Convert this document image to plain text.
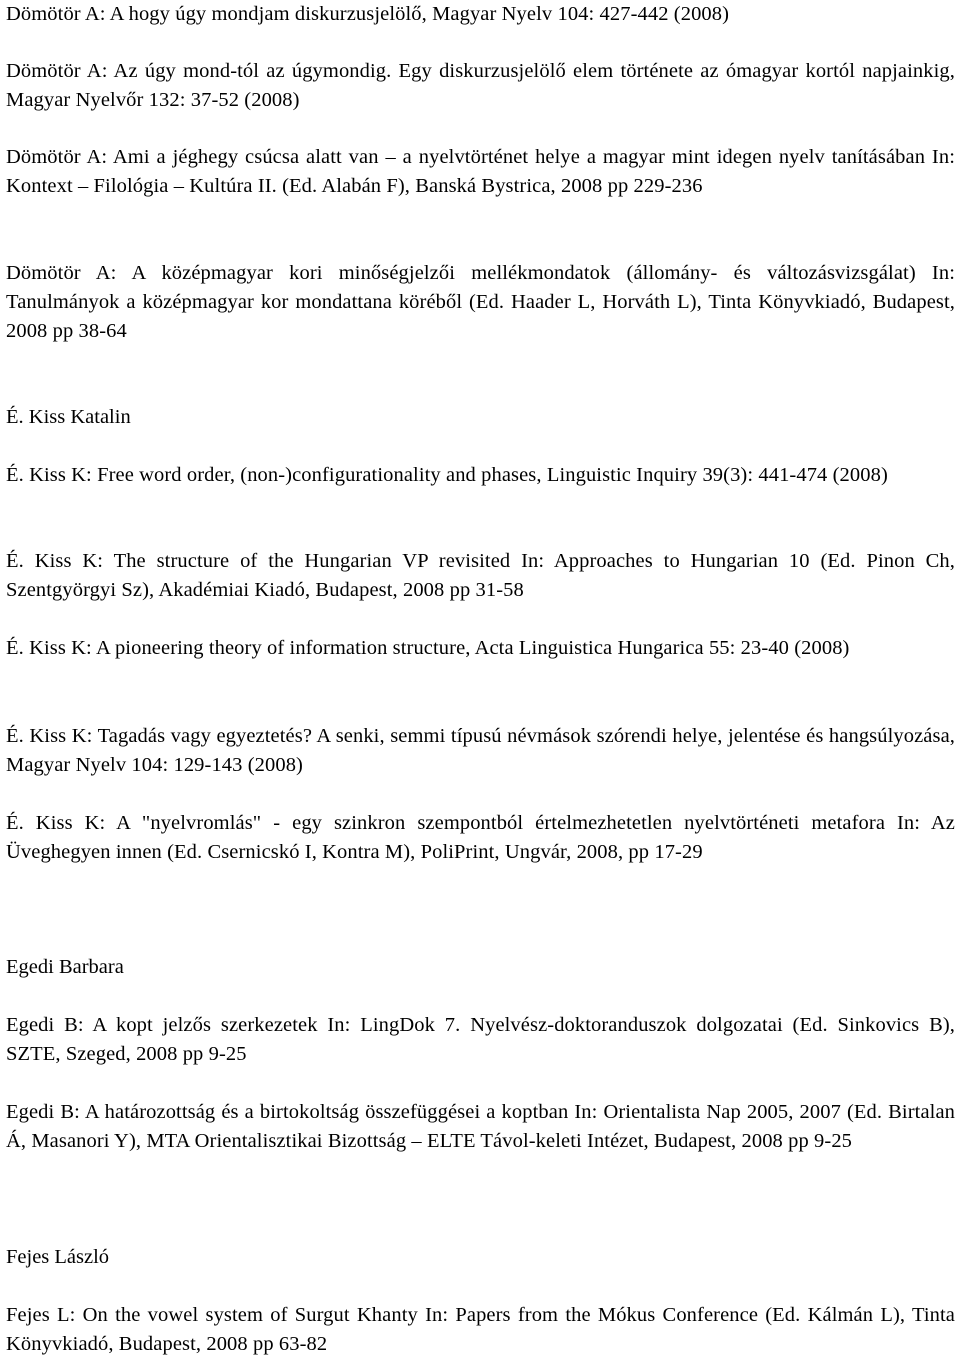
Dömötör A: A hogy úgy mondjam diskurzusjelölő, Magyar Nyelv 104: 427-442 (2008)

Dömötör A: Az úgy mond-tól az úgymondig. Egy diskurzusjelölő elem története az ómagyar kortól napjainkig, Magyar Nyelvőr 132: 37-52 (2008)

Dömötör A: Ami a jéghegy csúcsa alatt van – a nyelvtörténet helye a magyar mint idegen nyelv tanításában In: Kontext – Filológia – Kultúra II. (Ed. Alabán F), Banská Bystrica, 2008 pp 229-236

Dömötör A: A középmagyar kori minőségjelzői mellékmondatok (állomány- és változásvizsgálat) In: Tanulmányok a középmagyar kor mondattana köréből (Ed. Haader L, Horváth L), Tinta Könyvkiadó, Budapest, 2008 pp 38-64

É. Kiss Katalin

É. Kiss K: Free word order, (non-)configurationality and phases, Linguistic Inquiry 39(3): 441-474 (2008)

É. Kiss K: The structure of the Hungarian VP revisited In: Approaches to Hungarian 10 (Ed. Pinon Ch, Szentgyörgyi Sz), Akadémiai Kiadó, Budapest, 2008 pp 31-58

É. Kiss K: A pioneering theory of information structure, Acta Linguistica Hungarica 55: 23-40 (2008)

É. Kiss K: Tagadás vagy egyeztetés? A senki, semmi típusú névmások szórendi helye, jelentése és hangsúlyozása, Magyar Nyelv 104: 129-143 (2008)

É. Kiss K: A "nyelvromlás" - egy szinkron szempontból értelmezhetetlen nyelvtörténeti metafora In: Az Üveghegyen innen (Ed. Csernicskó I, Kontra M), PoliPrint, Ungvár, 2008, pp 17-29

Egedi Barbara

Egedi B: A kopt jelzős szerkezetek In: LingDok 7. Nyelvész-doktoranduszok dolgozatai (Ed. Sinkovics B), SZTE, Szeged, 2008 pp 9-25

Egedi B: A határozottság és a birtokoltság összefüggései a koptban In: Orientalista Nap 2005, 2007 (Ed. Birtalan Á, Masanori Y), MTA Orientalisztikai Bizottság – ELTE Távol-keleti Intézet, Budapest, 2008 pp 9-25

Fejes László

Fejes L: On the vowel system of Surgut Khanty In: Papers from the Mókus Conference (Ed. Kálmán L), Tinta Könyvkiadó, Budapest, 2008 pp 63-82
